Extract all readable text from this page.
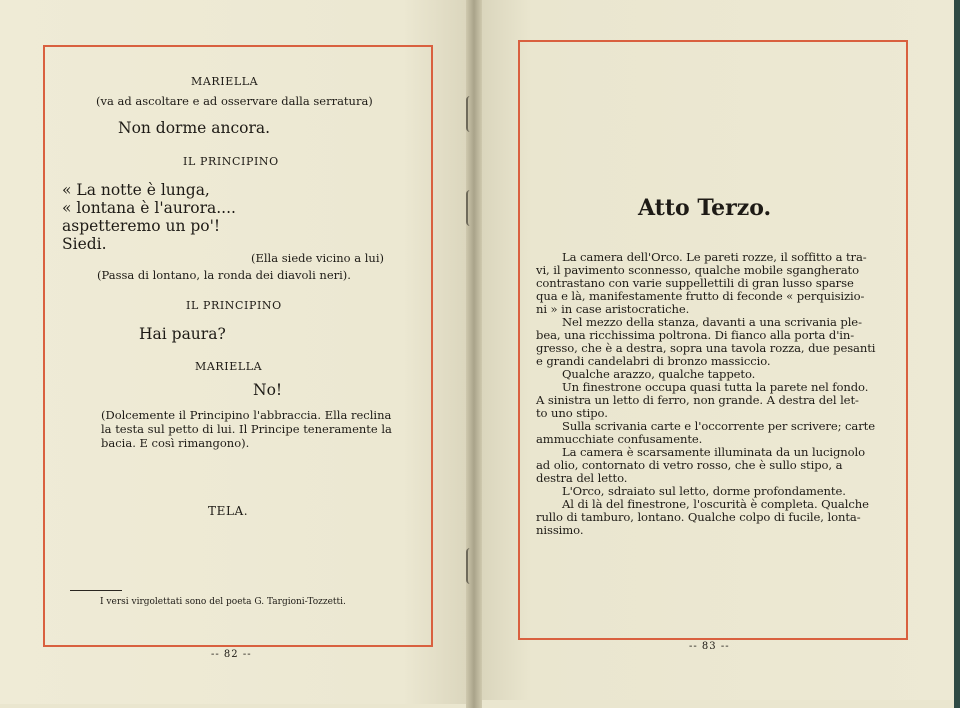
MARIELLA
(va ad ascoltare e ad osservare dalla serratura)
Non dorme ancora.
IL PRINCIPINO
« La notte è lunga,
« lontana è l'aurora....
aspetteremo un po'!
Siedi.
(Ella siede vicino a lui)
(Passa di lontano, la ronda dei diavoli neri).
IL PRINCIPINO
Hai paura?
MARIELLA
No!
(Dolcemente il Principino l'abbraccia. Ella reclina
la testa sul petto di lui. Il Principe teneramente la
bacia. E così rimangono).
TELA.
I versi virgolettati sono del poeta G. Targioni-Tozzetti.
-- 82 --
Atto Terzo.
La camera dell'Orco. Le pareti rozze, il soffitto a tra-
vi, il pavimento sconnesso, qualche mobile sgangherato
contrastano con varie suppellettili di gran lusso sparse
qua e là, manifestamente frutto di feconde « perquisizio-
ni » in case aristocratiche.
Nel mezzo della stanza, davanti a una scrivania ple-
bea, una ricchissima poltrona. Di fianco alla porta d'in-
gresso, che è a destra, sopra una tavola rozza, due pesanti
e grandi candelabri di bronzo massiccio.
Qualche arazzo, qualche tappeto.
Un finestrone occupa quasi tutta la parete nel fondo.
A sinistra un letto di ferro, non grande. A destra del let-
to uno stipo.
Sulla scrivania carte e l'occorrente per scrivere; carte
ammucchiate confusamente.
La camera è scarsamente illuminata da un lucignolo
ad olio, contornato di vetro rosso, che è sullo stipo, a
destra del letto.
L'Orco, sdraiato sul letto, dorme profondamente.
Al di là del finestrone, l'oscurità è completa. Qualche
rullo di tamburo, lontano. Qualche colpo di fucile, lonta-
nissimo.
-- 83 --
